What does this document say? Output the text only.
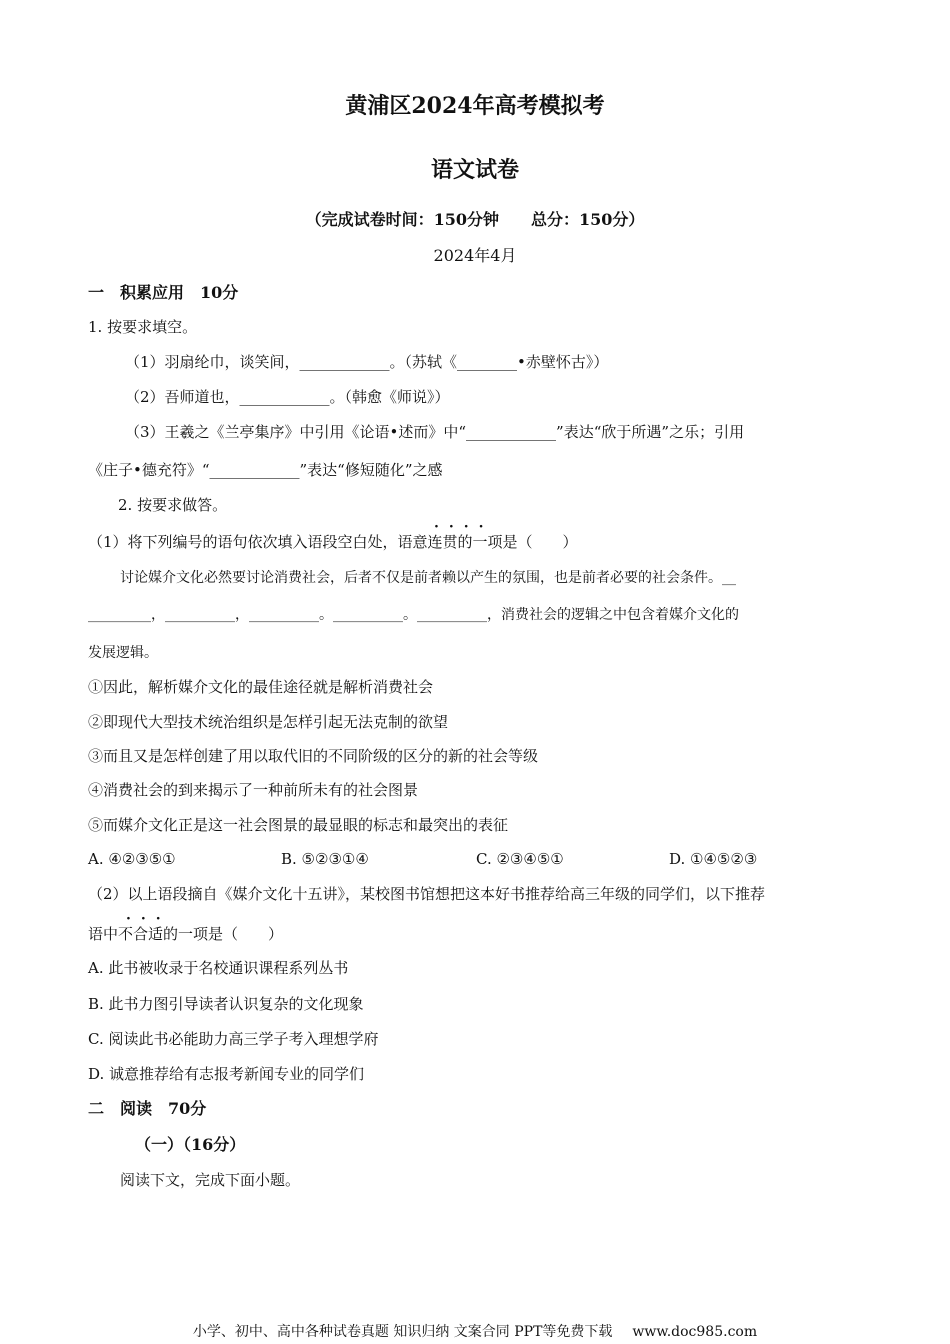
黄浦区2024年高考模拟考
语文试卷
（完成试卷时间：150分钟　　总分：150分）
2024年4月
一　积累应用　10分
1. 按要求填空。
（1）羽扇纶巾，谈笑间，____________。（苏轼《________•赤壁怀古》）
（2）吾师道也，____________。（韩愈《师说》）
（3）王羲之《兰亭集序》中引用《论语•述而》中“____________”表达“欣于所遇”之乐；引用
《庄子•德充符》“____________”表达“修短随化”之感
2. 按要求做答。
····
（1）将下列编号的语句依次填入语段空白处，语意连贯的一项是（　　）
讨论媒介文化必然要讨论消费社会，后者不仅是前者赖以产生的氛围，也是前者必要的社会条件。__
_________，__________，__________。__________。__________，消费社会的逻辑之中包含着媒介文化的
发展逻辑。
①因此，解析媒介文化的最佳途径就是解析消费社会
②即现代大型技术统治组织是怎样引起无法克制的欲望
③而且又是怎样创建了用以取代旧的不同阶级的区分的新的社会等级
④消费社会的到来揭示了一种前所未有的社会图景
⑤而媒介文化正是这一社会图景的最显眼的标志和最突出的表征
A. ④②③⑤①	B. ⑤②③①④	C. ②③④⑤①	D. ①④⑤②③
（2）以上语段摘自《媒介文化十五讲》，某校图书馆想把这本好书推荐给高三年级的同学们，以下推荐
···
语中不合适的一项是（　　）
A. 此书被收录于名校通识课程系列丛书
B. 此书力图引导读者认识复杂的文化现象
C. 阅读此书必能助力高三学子考入理想学府
D. 诚意推荐给有志报考新闻专业的同学们
二　阅读　70分
（一）（16分）
阅读下文，完成下面小题。
小学、初中、高中各种试卷真题 知识归纳 文案合同 PPT等免费下载 www.doc985.com
